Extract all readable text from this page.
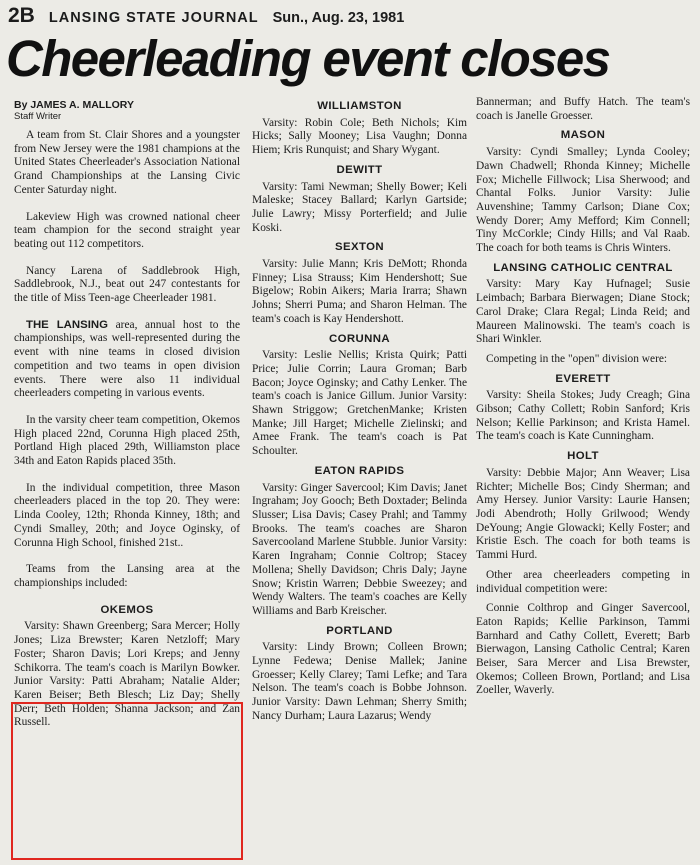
2B LANSING STATE JOURNAL Sun., Aug. 23, 1981
Cheerleading event closes
By JAMES A. MALLORY
Staff Writer

A team from St. Clair Shores and a youngster from New Jersey were the 1981 champions at the United States Cheerleader's Association National Grand Championships at the Lansing Civic Center Saturday night.

Lakeview High was crowned national cheer team champion for the second straight year beating out 112 competitors.

Nancy Larena of Saddlebrook High, Saddlebrook, N.J., beat out 247 contestants for the title of Miss Teen-age Cheerleader 1981.

THE LANSING area, annual host to the championships, was well-represented during the event with nine teams in closed division competition and two teams in open division events. There were also 11 individual cheerleaders competing in various events.

In the varsity cheer team competition, Okemos High placed 22nd, Corunna High placed 25th, Portland High placed 29th, Williamston place 34th and Eaton Rapids placed 35th.

In the individual competition, three Mason cheerleaders placed in the top 20. They were: Linda Cooley, 12th; Rhonda Kinney, 18th; and Cyndi Smalley, 20th; and Joyce Oginsky, of Corunna High School, finished 21st..

Teams from the Lansing area at the championships included:

OKEMOS

Varsity: Shawn Greenberg; Sara Mercer; Holly Jones; Liza Brewster; Karen Netzloff; Mary Foster; Sharon Davis; Lori Kreps; and Jenny Schikorra. The team's coach is Marilyn Bowker. Junior Varsity: Patti Abraham; Natalie Alder; Karen Beiser; Beth Blesch; Liz Day; Shelly Derr; Beth Holden; Shanna Jackson; and Zan Russell.

WILLIAMSTON

Varsity: Robin Cole; Beth Nichols; Kim Hicks; Sally Mooney; Lisa Vaughn; Donna Hiem; Kris Runquist; and Shary Wygant.

DEWITT

Varsity: Tami Newman; Shelly Bower; Keli Maleske; Stacey Ballard; Karlyn Gartside; Julie Lawry; Missy Porterfield; and Julie Koski.

SEXTON

Varsity: Julie Mann; Kris DeMott; Rhonda Finney; Lisa Strauss; Kim Hendershott; Sue Bigelow; Robin Aikers; Maria Irarra; Shawn Johns; Sherri Puma; and Sharon Helman. The team's coach is Kay Hendershott.

CORUNNA

Varsity: Leslie Nellis; Krista Quirk; Patti Price; Julie Corrin; Laura Groman; Barb Bacon; Joyce Oginsky; and Cathy Lenker. The team's coach is Janice Gillum. Junior Varsity: Shawn Striggow; GretchenManke; Kristen Manke; Jill Harget; Michelle Zielinski; and Amee Frank. The team's coach is Pat Schoulter.

EATON RAPIDS

Varsity: Ginger Savercool; Kim Davis; Janet Ingraham; Joy Gooch; Beth Doxtader; Belinda Slusser; Lisa Davis; Casey Prahl; and Tammy Brooks. The team's coaches are Sharon Savercooland Marlene Stubble. Junior Varsity: Karen Ingraham; Connie Coltrop; Stacey Mollena; Shelly Davidson; Chris Daly; Jayne Snow; Kristin Warren; Debbie Sweezey; and Wendy Walters. The team's coaches are Kelly Williams and Barb Kreischer.

PORTLAND

Varsity: Lindy Brown; Colleen Brown; Lynne Fedewa; Denise Mallek; Janine Groesser; Kelly Clarey; Tami Lefke; and Tara Nelson. The team's coach is Bobbe Johnson. Junior Varsity: Dawn Lehman; Sherry Smith; Nancy Durham; Laura Lazarus; Wendy

Bannerman; and Buffy Hatch. The team's coach is Janelle Groesser.

MASON

Varsity: Cyndi Smalley; Lynda Cooley; Dawn Chadwell; Rhonda Kinney; Michelle Fox; Michelle Fillwock; Lisa Sherwood; and Chantal Folks. Junior Varsity: Julie Auvenshine; Tammy Carlson; Diane Cox; Wendy Dorer; Amy Mefford; Kim Connell; Tiny McCorkle; Cindy Hills; and Val Raab. The coach for both teams is Chris Winters.

LANSING CATHOLIC CENTRAL

Varsity: Mary Kay Hufnagel; Susie Leimbach; Barbara Bierwagen; Diane Stock; Carol Drake; Clara Regal; Linda Reid; and Maureen Malinowski. The team's coach is Shari Winkler.

Competing in the "open" division were:

EVERETT

Varsity: Sheila Stokes; Judy Creagh; Gina Gibson; Cathy Collett; Robin Sanford; Kris Nelson; Kellie Parkinson; and Krista Hamel. The team's coach is Kate Cunningham.

HOLT

Varsity: Debbie Major; Ann Weaver; Lisa Richter; Michelle Bos; Cindy Sherman; and Amy Hersey. Junior Varsity: Laurie Hansen; Jodi Abendroth; Holly Grilwood; Wendy DeYoung; Angie Glowacki; Kelly Foster; and Kristie Esch. The coach for both teams is Tammi Hurd.

Other area cheerleaders competing in individual competition were:

Connie Colthrop and Ginger Savercool, Eaton Rapids; Kellie Parkinson, Tammi Barnhard and Cathy Collett, Everett; Barb Bierwagon, Lansing Catholic Central; Karen Beiser, Sara Mercer and Lisa Brewster, Okemos; Colleen Brown, Portland; and Lisa Zoeller, Waverly.
